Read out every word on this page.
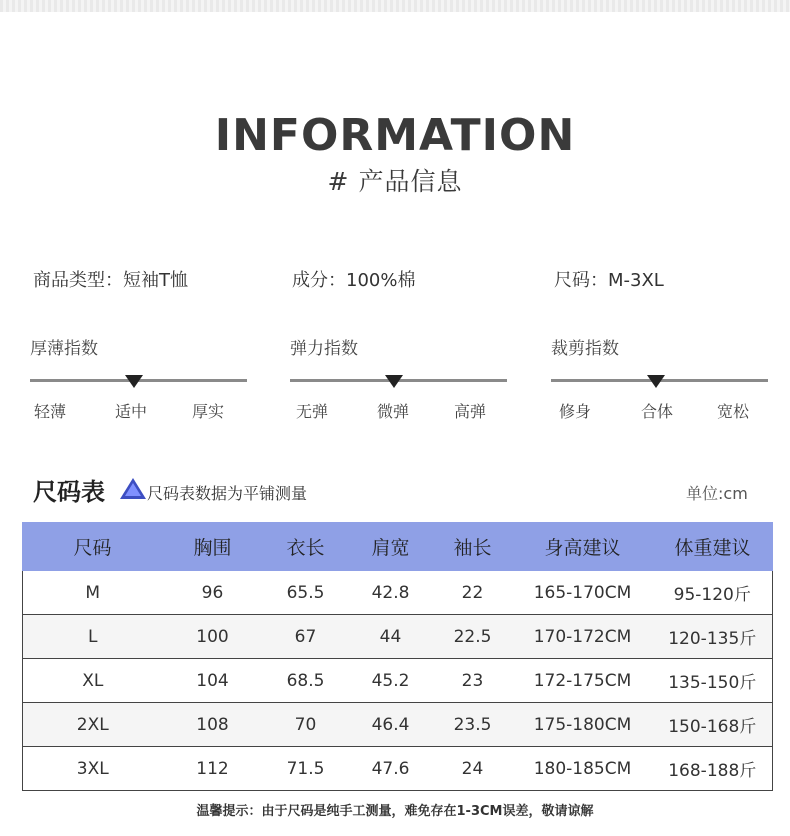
INFORMATION
# 产品信息
商品类型：短袖T恤	成分：100%棉	尺码：M-3XL
厚薄指数
轻薄	适中	厚实
弹力指数
无弹	微弹	高弹
裁剪指数
修身	合体	宽松
尺码表	尺码表数据为平铺测量	单位:cm
尺码	胸围	衣长	肩宽	袖长	身高建议	体重建议
M	96	65.5	42.8	22	165-170CM	95-120斤
L	100	67	44	22.5	170-172CM	120-135斤
XL	104	68.5	45.2	23	172-175CM	135-150斤
2XL	108	70	46.4	23.5	175-180CM	150-168斤
3XL	112	71.5	47.6	24	180-185CM	168-188斤
温馨提示：由于尺码是纯手工测量，难免存在1-3CM误差，敬请谅解
